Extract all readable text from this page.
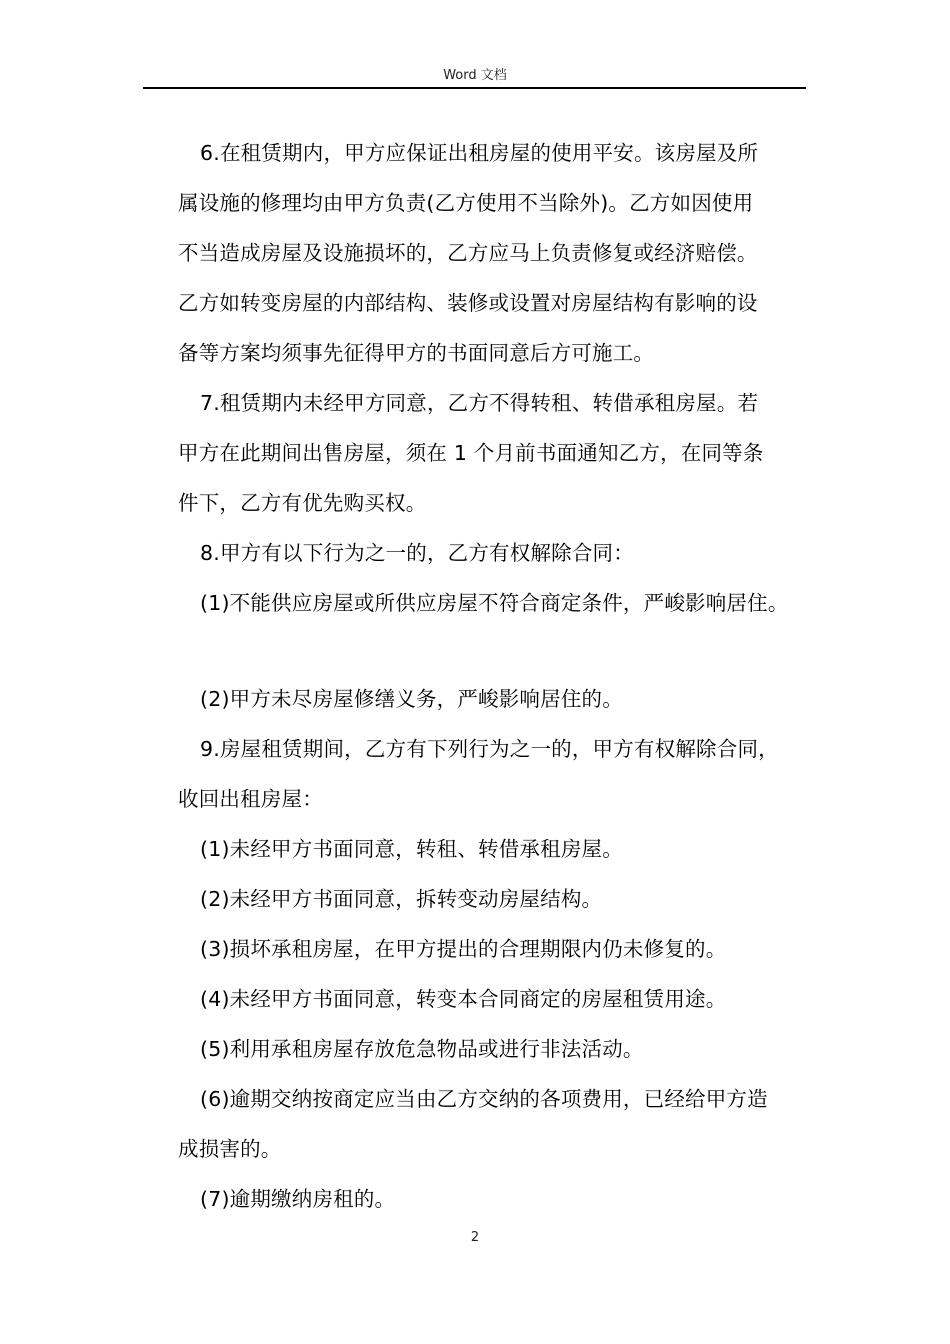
Word 文档
6.在租赁期内，甲方应保证出租房屋的使用平安。该房屋及所
属设施的修理均由甲方负责(乙方使用不当除外)。乙方如因使用
不当造成房屋及设施损坏的，乙方应马上负责修复或经济赔偿。
乙方如转变房屋的内部结构、装修或设置对房屋结构有影响的设
备等方案均须事先征得甲方的书面同意后方可施工。
7.租赁期内未经甲方同意，乙方不得转租、转借承租房屋。若
甲方在此期间出售房屋，须在 1 个月前书面通知乙方，在同等条
件下，乙方有优先购买权。
8.甲方有以下行为之一的，乙方有权解除合同：
(1)不能供应房屋或所供应房屋不符合商定条件，严峻影响居住。
(2)甲方未尽房屋修缮义务，严峻影响居住的。
9.房屋租赁期间，乙方有下列行为之一的，甲方有权解除合同，
收回出租房屋：
(1)未经甲方书面同意，转租、转借承租房屋。
(2)未经甲方书面同意，拆转变动房屋结构。
(3)损坏承租房屋，在甲方提出的合理期限内仍未修复的。
(4)未经甲方书面同意，转变本合同商定的房屋租赁用途。
(5)利用承租房屋存放危急物品或进行非法活动。
(6)逾期交纳按商定应当由乙方交纳的各项费用，已经给甲方造
成损害的。
(7)逾期缴纳房租的。
2
